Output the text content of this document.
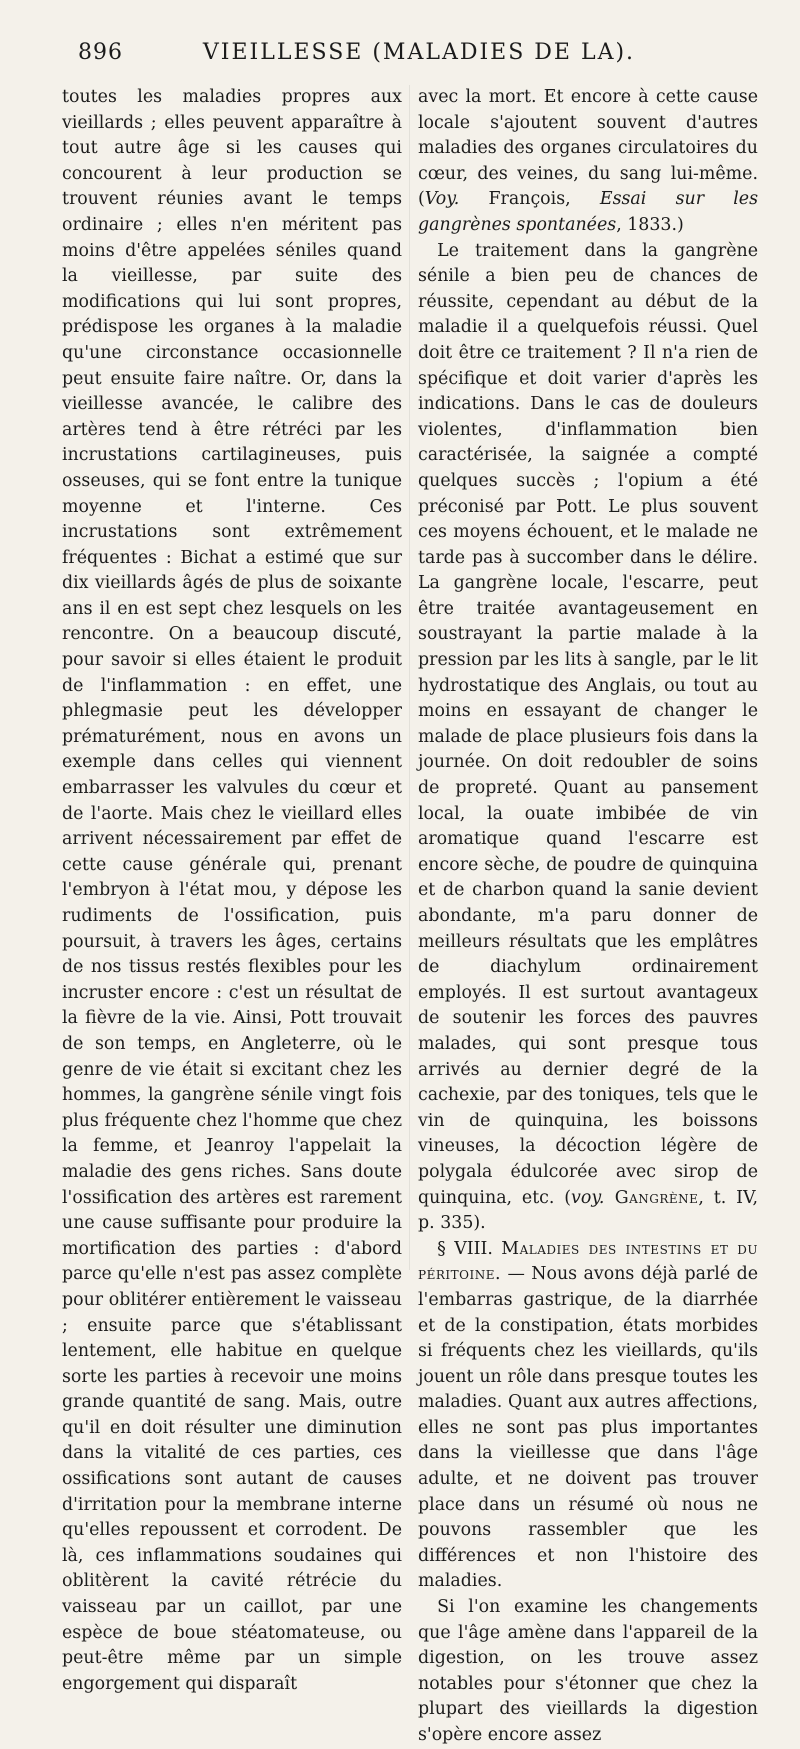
896	VIEILLESSE (MALADIES DE LA).

toutes les maladies propres aux vieillards ; elles peuvent apparaître à tout autre âge si les causes qui concourent à leur production se trouvent réunies avant le temps ordinaire ; elles n'en méritent pas moins d'être appelées séniles quand la vieillesse, par suite des modifications qui lui sont propres, prédispose les organes à la maladie qu'une circonstance occasionnelle peut ensuite faire naître. Or, dans la vieillesse avancée, le calibre des artères tend à être rétréci par les incrustations cartilagineuses, puis osseuses, qui se font entre la tunique moyenne et l'interne. Ces incrustations sont extrêmement fréquentes : Bichat a estimé que sur dix vieillards âgés de plus de soixante ans il en est sept chez lesquels on les rencontre. On a beaucoup discuté, pour savoir si elles étaient le produit de l'inflammation : en effet, une phlegmasie peut les développer prématurément, nous en avons un exemple dans celles qui viennent embarrasser les valvules du cœur et de l'aorte. Mais chez le vieillard elles arrivent nécessairement par effet de cette cause générale qui, prenant l'embryon à l'état mou, y dépose les rudiments de l'ossification, puis poursuit, à travers les âges, certains de nos tissus restés flexibles pour les incruster encore : c'est un résultat de la fièvre de la vie. Ainsi, Pott trouvait de son temps, en Angleterre, où le genre de vie était si excitant chez les hommes, la gangrène sénile vingt fois plus fréquente chez l'homme que chez la femme, et Jeanroy l'appelait la maladie des gens riches. Sans doute l'ossification des artères est rarement une cause suffisante pour produire la mortification des parties : d'abord parce qu'elle n'est pas assez complète pour oblitérer entièrement le vaisseau ; ensuite parce que s'établissant lentement, elle habitue en quelque sorte les parties à recevoir une moins grande quantité de sang. Mais, outre qu'il en doit résulter une diminution dans la vitalité de ces parties, ces ossifications sont autant de causes d'irritation pour la membrane interne qu'elles repoussent et corrodent. De là, ces inflammations soudaines qui oblitèrent la cavité rétrécie du vaisseau par un caillot, par une espèce de boue stéatomateuse, ou peut-être même par un simple engorgement qui disparaît

avec la mort. Et encore à cette cause locale s'ajoutent souvent d'autres maladies des organes circulatoires du cœur, des veines, du sang lui-même. (Voy. François, Essai sur les gangrènes spontanées, 1833.)

Le traitement dans la gangrène sénile a bien peu de chances de réussite, cependant au début de la maladie il a quelquefois réussi. Quel doit être ce traitement ? Il n'a rien de spécifique et doit varier d'après les indications. Dans le cas de douleurs violentes, d'inflammation bien caractérisée, la saignée a compté quelques succès ; l'opium a été préconisé par Pott. Le plus souvent ces moyens échouent, et le malade ne tarde pas à succomber dans le délire. La gangrène locale, l'escarre, peut être traitée avantageusement en soustrayant la partie malade à la pression par les lits à sangle, par le lit hydrostatique des Anglais, ou tout au moins en essayant de changer le malade de place plusieurs fois dans la journée. On doit redoubler de soins de propreté. Quant au pansement local, la ouate imbibée de vin aromatique quand l'escarre est encore sèche, de poudre de quinquina et de charbon quand la sanie devient abondante, m'a paru donner de meilleurs résultats que les emplâtres de diachylum ordinairement employés. Il est surtout avantageux de soutenir les forces des pauvres malades, qui sont presque tous arrivés au dernier degré de la cachexie, par des toniques, tels que le vin de quinquina, les boissons vineuses, la décoction légère de polygala édulcorée avec sirop de quinquina, etc. (voy. Gangrène, t. IV, p. 335).

§ VIII. Maladies des intestins et du péritoine. — Nous avons déjà parlé de l'embarras gastrique, de la diarrhée et de la constipation, états morbides si fréquents chez les vieillards, qu'ils jouent un rôle dans presque toutes les maladies. Quant aux autres affections, elles ne sont pas plus importantes dans la vieillesse que dans l'âge adulte, et ne doivent pas trouver place dans un résumé où nous ne pouvons rassembler que les différences et non l'histoire des maladies.

Si l'on examine les changements que l'âge amène dans l'appareil de la digestion, on les trouve assez notables pour s'étonner que chez la plupart des vieillards la digestion s'opère encore assez
